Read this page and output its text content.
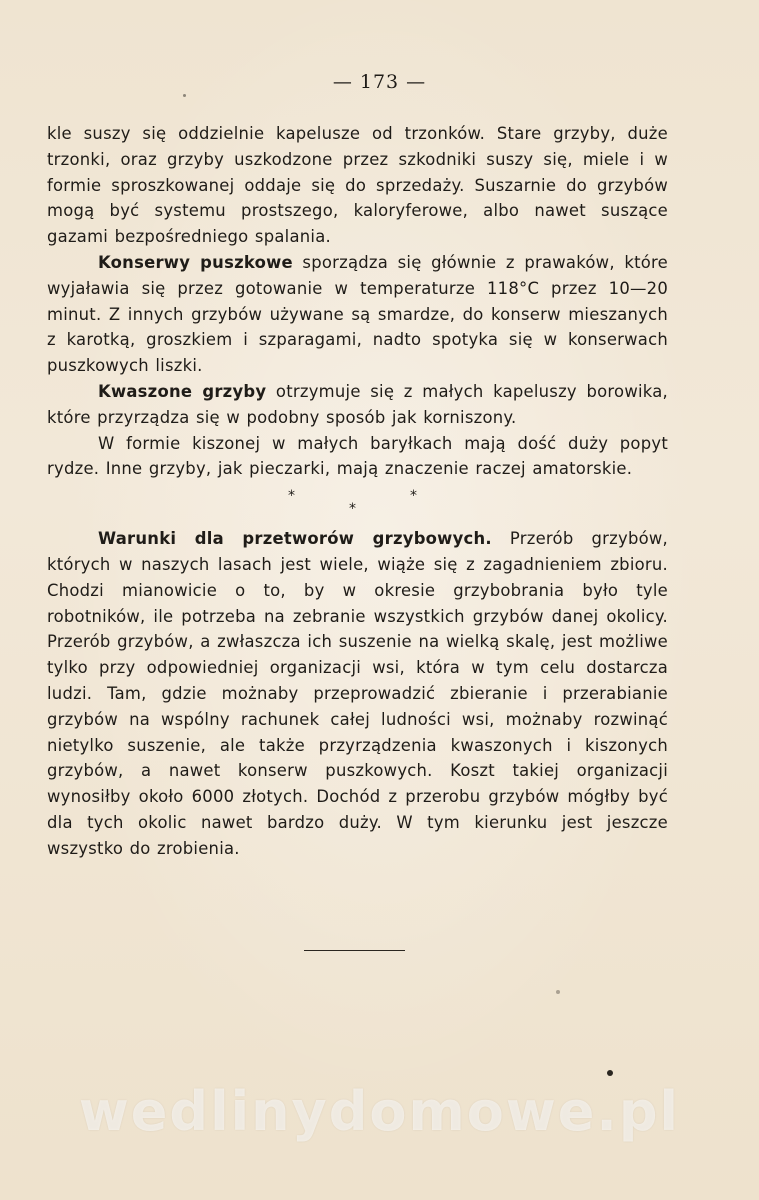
— 173 —

kle suszy się oddzielnie kapelusze od trzonków. Stare grzyby, duże trzonki, oraz grzyby uszkodzone przez szkodniki suszy się, miele i w formie sproszkowanej oddaje się do sprzedaży. Suszarnie do grzybów mogą być systemu prostszego, kaloryferowe, albo nawet suszące gazami bezpośredniego spalania.

Konserwy puszkowe sporządza się głównie z prawaków, które wyjaławia się przez gotowanie w temperaturze 118°C przez 10—20 minut. Z innych grzybów używane są smardze, do konserw mieszanych z karotką, groszkiem i szparagami, nadto spotyka się w konserwach puszkowych liszki.

Kwaszone grzyby otrzymuje się z małych kapeluszy borowika, które przyrządza się w podobny sposób jak korniszony.

W formie kiszonej w małych baryłkach mają dość duży popyt rydze. Inne grzyby, jak pieczarki, mają znaczenie raczej amatorskie.

*
*
*

Warunki dla przetworów grzybowych. Przerób grzybów, których w naszych lasach jest wiele, wiąże się z zagadnieniem zbioru. Chodzi mianowicie o to, by w okresie grzybobrania było tyle robotników, ile potrzeba na zebranie wszystkich grzybów danej okolicy. Przerób grzybów, a zwłaszcza ich suszenie na wielką skalę, jest możliwe tylko przy odpowiedniej organizacji wsi, która w tym celu dostarcza ludzi. Tam, gdzie możnaby przeprowadzić zbieranie i przerabianie grzybów na wspólny rachunek całej ludności wsi, możnaby rozwinąć nietylko suszenie, ale także przyrządzenia kwaszonych i kiszonych grzybów, a nawet konserw puszkowych. Koszt takiej organizacji wynosiłby około 6000 złotych. Dochód z przerobu grzybów mógłby być dla tych okolic nawet bardzo duży. W tym kierunku jest jeszcze wszystko do zrobienia.

wedlinydomowe.pl
